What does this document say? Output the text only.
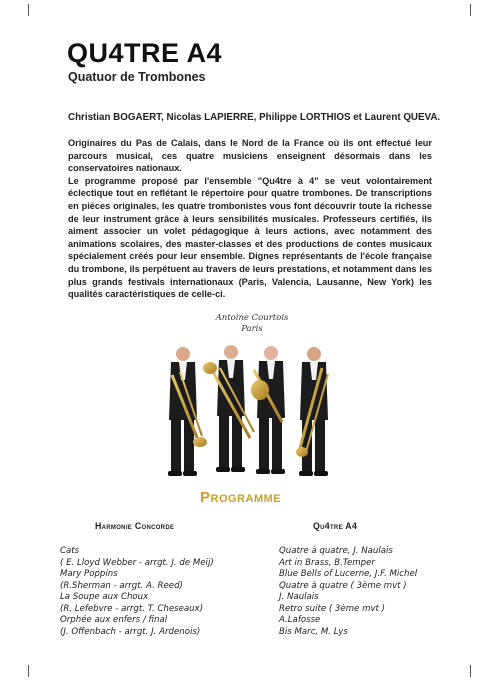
QU4TRE A4
Quatuor de Trombones
Christian BOGAERT, Nicolas LAPIERRE, Philippe LORTHIOS et Laurent QUEVA.

Originaires du Pas de Calais, dans le Nord de la France où ils ont effectué leur parcours musical, ces quatre musiciens enseignent désormais dans les conservatoires nationaux.

Le programme proposé par l'ensemble "Qu4tre à 4" se veut volontairement éclectique tout en reflétant le répertoire pour quatre trombones. De transcriptions en pièces originales, les quatre trombonistes vous font découvrir toute la richesse de leur instrument grâce à leurs sensibilités musicales. Professeurs certifiés, ils aiment associer un volet pédagogique à leurs actions, avec notamment des animations scolaires, des master-classes et des productions de contes musicaux spécialement créés pour leur ensemble. Dignes représentants de l'école française du trombone, ils perpétuent au travers de leurs prestations, et notamment dans les plus grands festivals internationaux (Paris, Valencia, Lausanne, New York) les qualités caractéristiques de celle-ci.

Antoine Courtois
Paris
Programme
Harmonie Concorde	Qu4tre A4
Cats
( E. Lloyd Webber - arrgt. J. de Meij)
Mary Poppins
(R.Sherman - arrgt. A. Reed)
La Soupe aux Choux
(R. Lefebvre - arrgt. T. Cheseaux)
Orphée aux enfers / final
(J. Offenbach - arrgt. J. Ardenois)
Quatre à quatre, J. Naulais
Art in Brass, B.Temper
Blue Bells of Lucerne, J.F. Michel
Quatre à quatre ( 3ème mvt )
J. Naulais
Retro suite ( 3ème mvt )
A.Lafosse
Bis Marc, M. Lys
